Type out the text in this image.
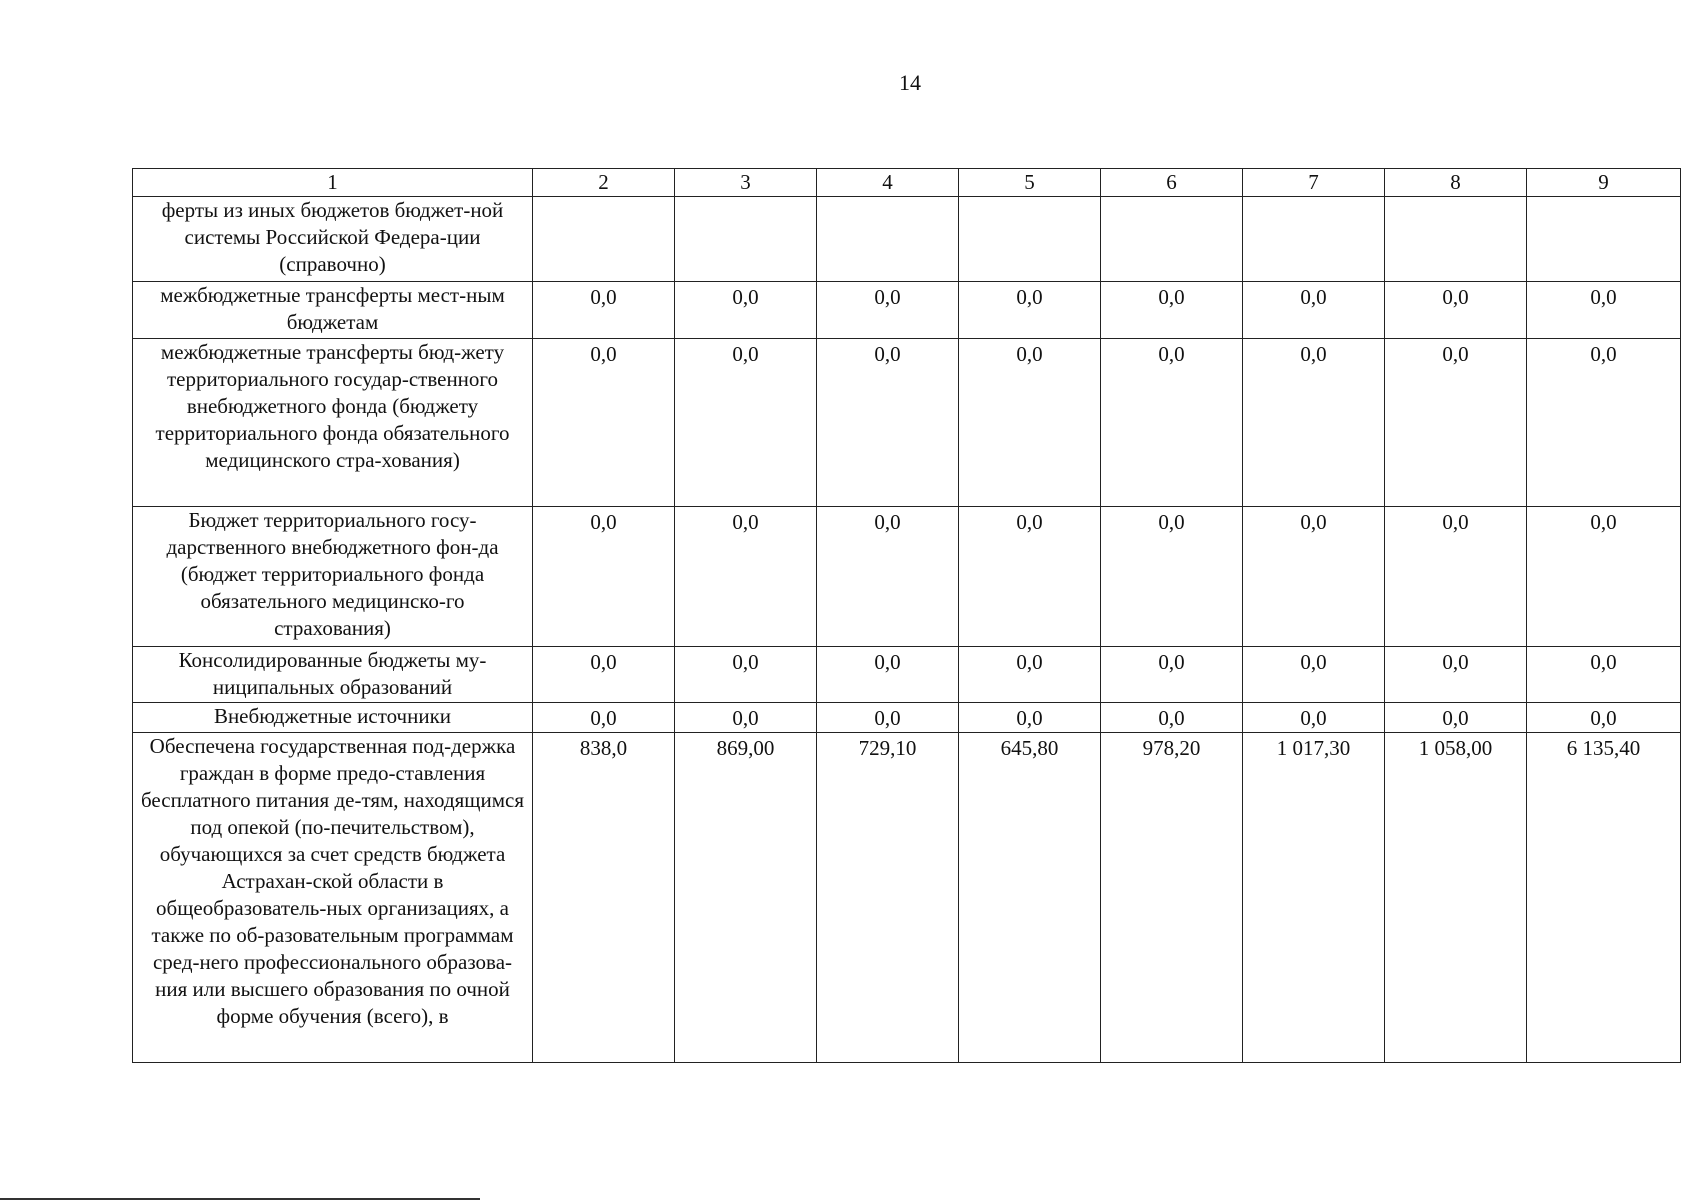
14
1	2	3	4	5	6	7	8	9
ферты из иных бюджетов бюджет-ной системы Российской Федера-ции (справочно)								
межбюджетные трансферты мест-ным бюджетам	0,0	0,0	0,0	0,0	0,0	0,0	0,0	0,0
межбюджетные трансферты бюд-жету территориального государ-ственного внебюджетного фонда (бюджету территориального фонда обязательного медицинского стра-хования)	0,0	0,0	0,0	0,0	0,0	0,0	0,0	0,0
Бюджет территориального госу-дарственного внебюджетного фон-да (бюджет территориального фонда обязательного медицинско-го страхования)	0,0	0,0	0,0	0,0	0,0	0,0	0,0	0,0
Консолидированные бюджеты му-ниципальных образований	0,0	0,0	0,0	0,0	0,0	0,0	0,0	0,0
Внебюджетные источники	0,0	0,0	0,0	0,0	0,0	0,0	0,0	0,0
Обеспечена государственная под-держка граждан в форме предо-ставления бесплатного питания де-тям, находящимся под опекой (по-печительством), обучающихся за счет средств бюджета Астрахан-ской области в общеобразователь-ных организациях, а также по об-разовательным программам сред-него профессионального образова-ния или высшего образования по очной форме обучения (всего), в	838,0	869,00	729,10	645,80	978,20	1 017,30	1 058,00	6 135,40
